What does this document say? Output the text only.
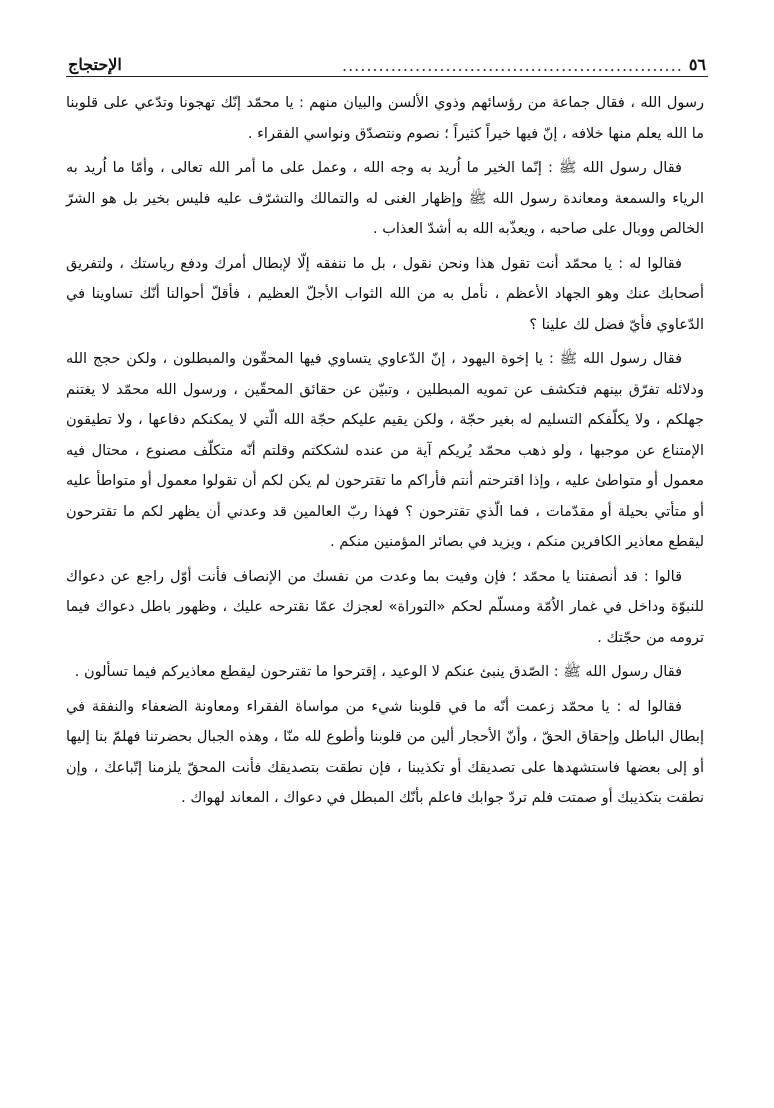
٥٦
........................................................
الإحتجاج

رسول الله ، فقال جماعة من رؤسائهم وذوي الألسن والبيان منهم : يا محمّد إنّك تهجونا وتدّعي على قلوبنا ما الله يعلم منها خلافه ، إنّ فيها خيراً كثيراً ؛ نصوم ونتصدّق ونواسي الفقراء .

فقال رسول الله ﷺ : إنّما الخير ما اُريد به وجه الله ، وعمل على ما أمر الله تعالى ، وأمّا ما اُريد به الرياء والسمعة ومعاندة رسول الله ﷺ وإظهار الغنى له والتمالك والتشرّف عليه فليس بخير بل هو الشرّ الخالص ووبال على صاحبه ، ويعذّبه الله به أشدّ العذاب .

فقالوا له : يا محمّد أنت تقول هذا ونحن نقول ، بل ما ننفقه إلّا لإبطال أمرك ودفع رياستك ، ولتفريق أصحابك عنك وهو الجهاد الأعظم ، نأمل به من الله الثواب الأجلّ العظيم ، فأقلّ أحوالنا أنّك تساوينا في الدّعاوي فأيّ فضل لك علينا ؟

فقال رسول الله ﷺ : يا إخوة اليهود ، إنّ الدّعاوي يتساوي فيها المحقّون والمبطلون ، ولكن حجج الله ودلائله تفرّق بينهم فتكشف عن تمويه المبطلين ، وتبيّن عن حقائق المحقّين ، ورسول الله محمّد لا يغتنم جهلكم ، ولا يكلّفكم التسليم له بغير حجّة ، ولكن يقيم عليكم حجّة الله الّتي لا يمكنكم دفاعها ، ولا تطيقون الإمتناع عن موجبها ، ولو ذهب محمّد يُريكم آية من عنده لشككتم وقلتم أنّه متكلّف مصنوع ، محتال فيه معمول أو متواطئ عليه ، وإذا اقترحتم أنتم فأراكم ما تقترحون لم يكن لكم أن تقولوا معمول أو متواطأ عليه أو متأتي بحيلة أو مقدّمات ، فما الّذي تقترحون ؟ فهذا ربّ العالمين قد وعدني أن يظهر لكم ما تقترحون ليقطع معاذير الكافرين منكم ، ويزيد في بصائر المؤمنين منكم .

قالوا : قد أنصفتنا يا محمّد ؛ فإن وفيت بما وعدت من نفسك من الإنصاف فأنت أوّل راجع عن دعواك للنبوّة وداخل في غمار الاُمّة ومسلّم لحكم «التوراة» لعجزك عمّا نقترحه عليك ، وظهور باطل دعواك فيما ترومه من حجّتك .

فقال رسول الله ﷺ : الصّدق ينبئ عنكم لا الوعيد ، إقترحوا ما تقترحون ليقطع معاذيركم فيما تسألون .

فقالوا له : يا محمّد زعمت أنّه ما في قلوبنا شيء من مواساة الفقراء ومعاونة الضعفاء والنفقة في إبطال الباطل وإحقاق الحقّ ، وأنّ الأحجار ألين من قلوبنا وأطوع لله منّا ، وهذه الجبال بحضرتنا فهلمّ بنا إليها أو إلى بعضها فاستشهدها على تصديقك أو تكذيبنا ، فإن نطقت بتصديقك فأنت المحقّ يلزمنا إتّباعك ، وإن نطقت بتكذيبك أو صمتت فلم تردّ جوابك فاعلم بأنّك المبطل في دعواك ، المعاند لهواك .
